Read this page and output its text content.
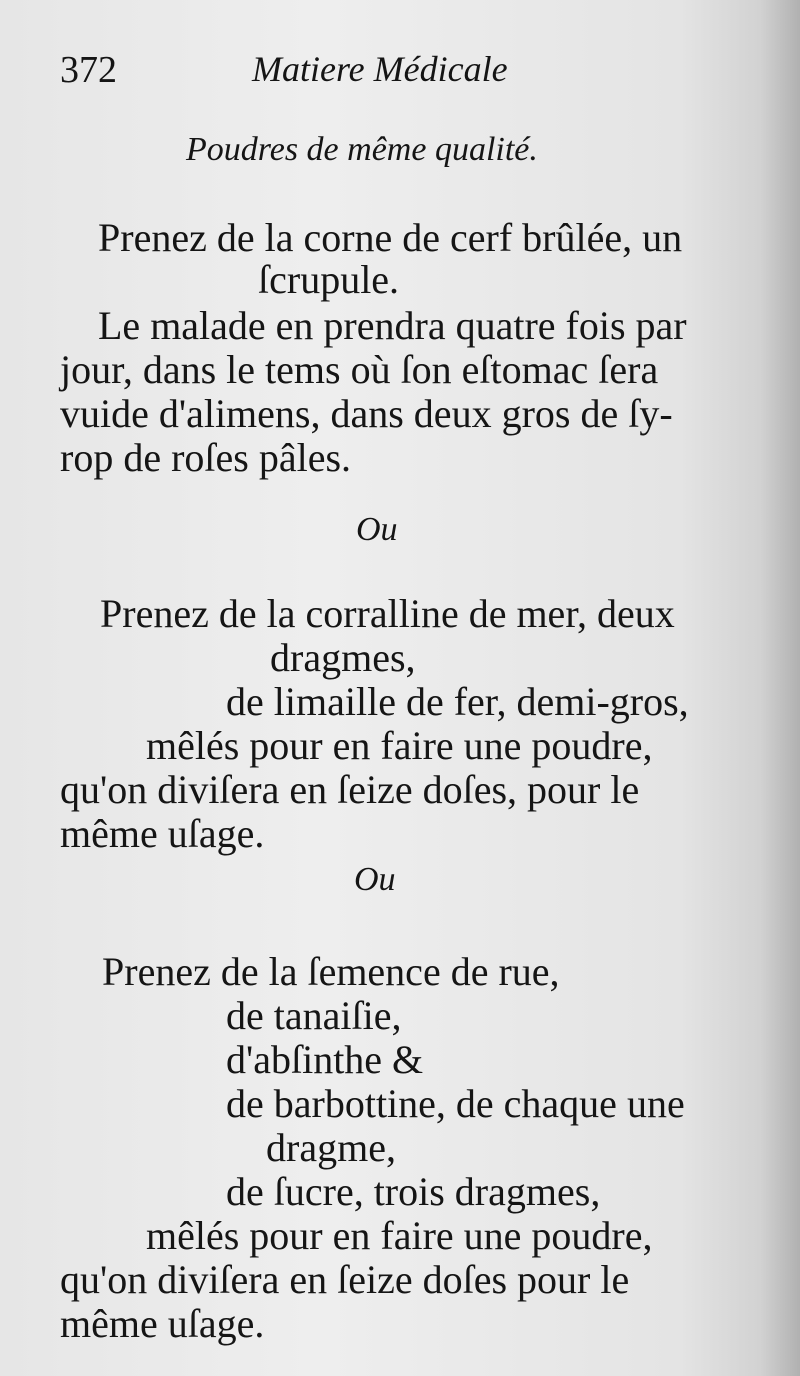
372	Matiere Médicale
Poudres de même qualité.
Prenez de la corne de cerf brûlée, un
ſcrupule.
Le malade en prendra quatre fois par
jour, dans le tems où ſon eſtomac ſera
vuide d'alimens, dans deux gros de ſy-
rop de roſes pâles.
Ou
Prenez de la corralline de mer, deux
dragmes,
de limaille de fer, demi-gros,
mêlés pour en faire une poudre,
qu'on diviſera en ſeize doſes, pour le
même uſage.
Ou
Prenez de la ſemence de rue,
de tanaiſie,
d'abſinthe &
de barbottine, de chaque une
dragme,
de ſucre, trois dragmes,
mêlés pour en faire une poudre,
qu'on diviſera en ſeize doſes pour le
même uſage.
